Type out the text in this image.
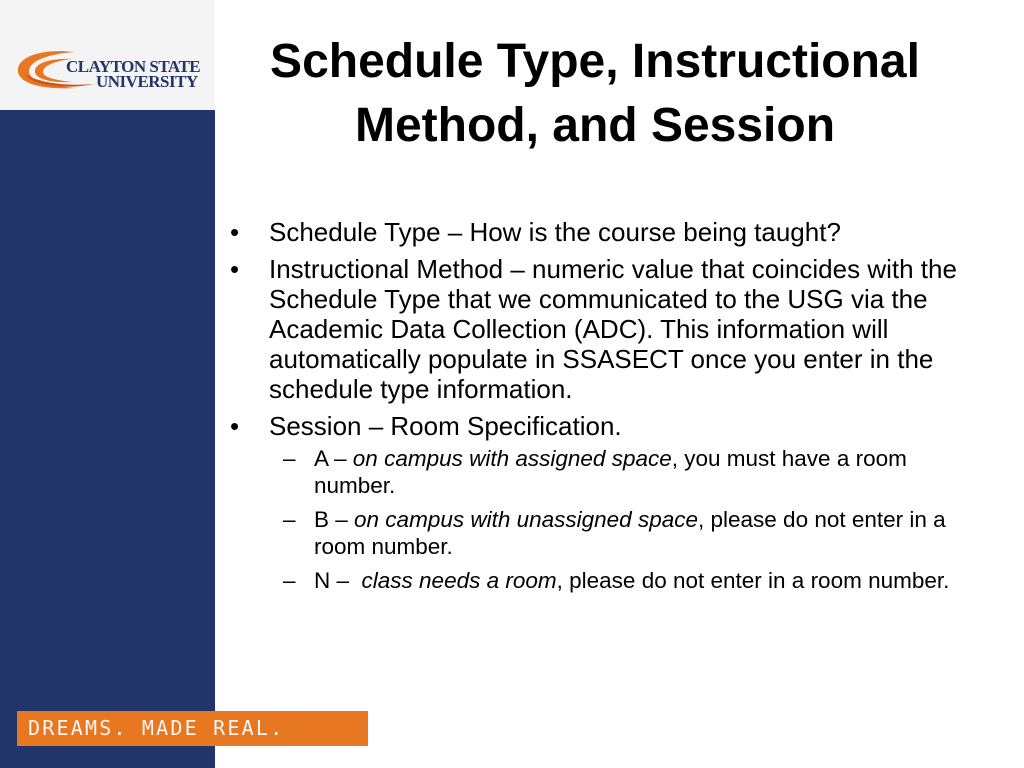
CLAYTON STATE
UNIVERSITY
DREAMS. MADE REAL.
Schedule Type, Instructional Method, and Session
• Schedule Type – How is the course being taught?
• Instructional Method – numeric value that coincides with the Schedule Type that we communicated to the USG via the Academic Data Collection (ADC). This information will automatically populate in SSASECT once you enter in the schedule type information.
• Session – Room Specification.
– A – on campus with assigned space, you must have a room number.
– B – on campus with unassigned space, please do not enter in a room number.
– N –  class needs a room, please do not enter in a room number.
